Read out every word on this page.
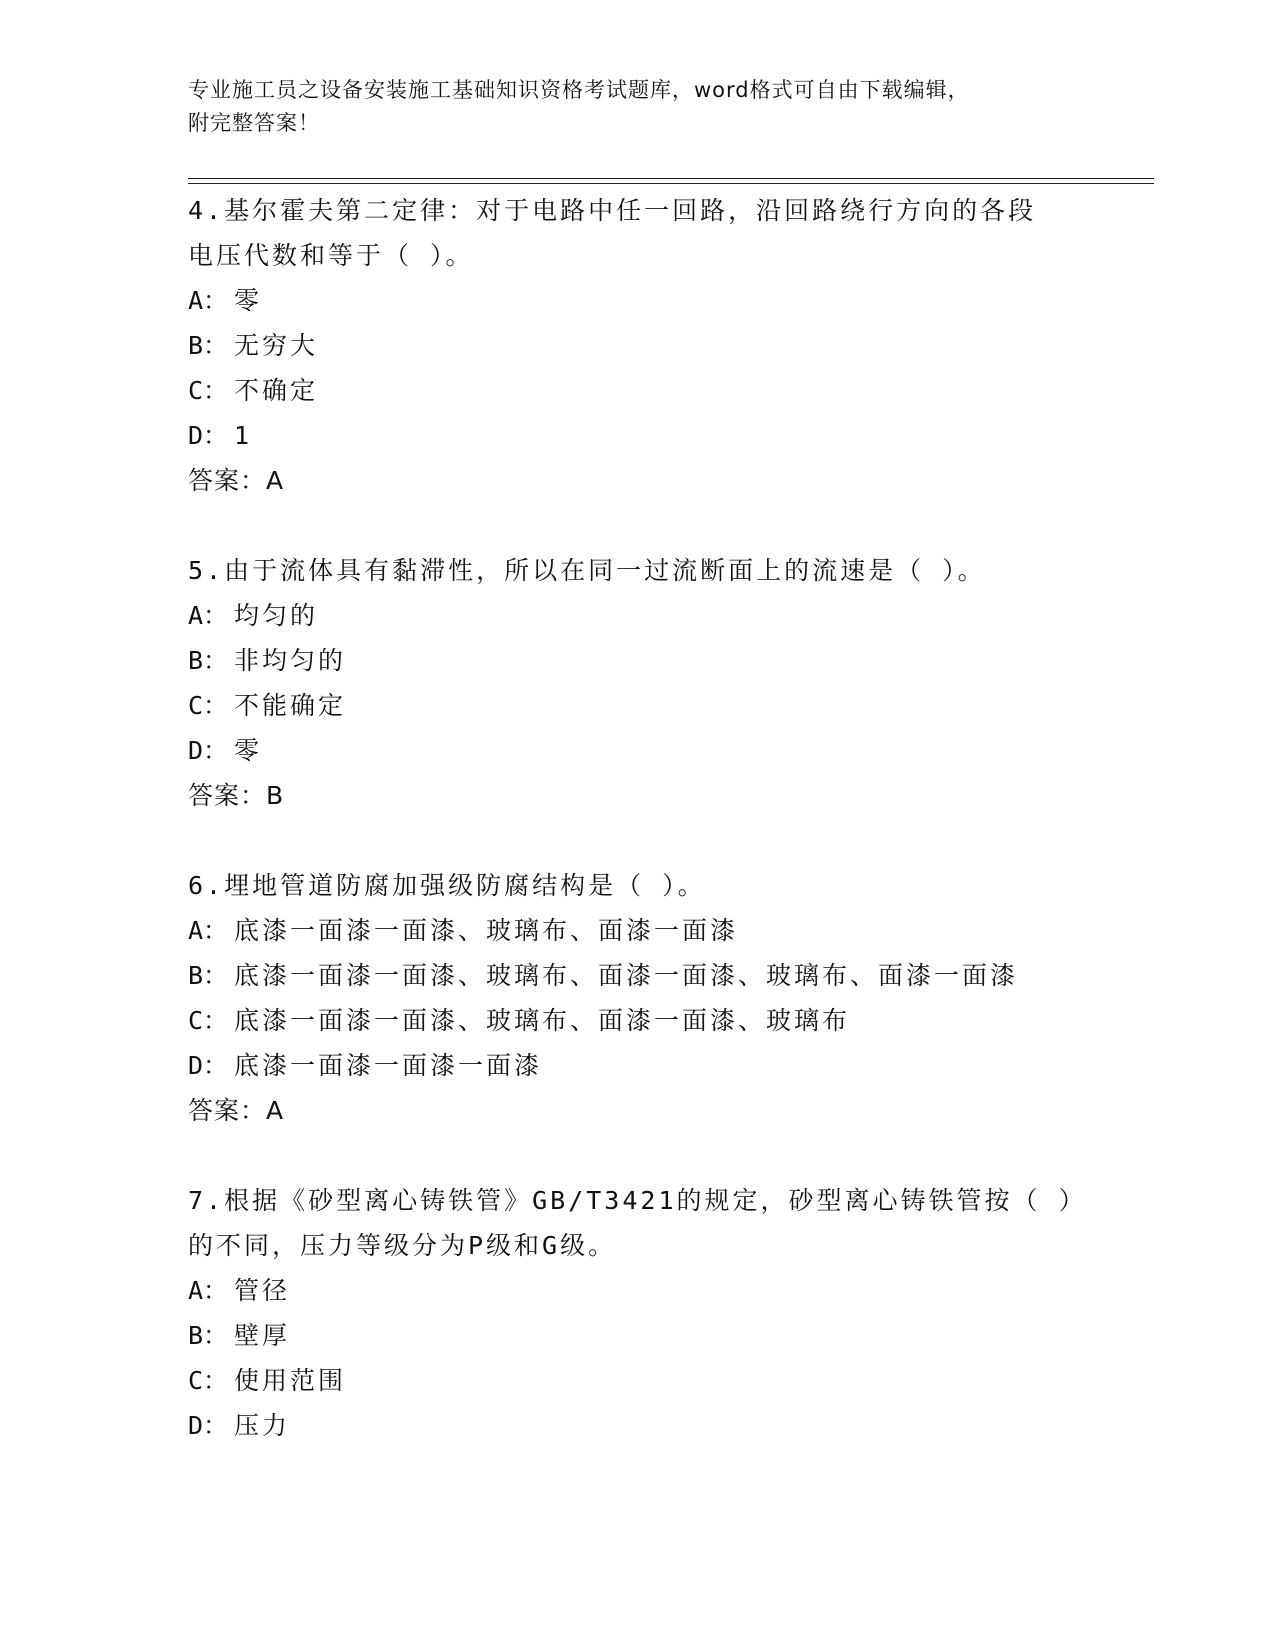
专业施工员之设备安装施工基础知识资格考试题库，word格式可自由下载编辑，
附完整答案！
4.基尔霍夫第二定律：对于电路中任一回路，沿回路绕行方向的各段
电压代数和等于（ ）。
A： 零
B： 无穷大
C： 不确定
D： 1
答案：A
5.由于流体具有黏滞性，所以在同一过流断面上的流速是（ ）。
A： 均匀的
B： 非均匀的
C： 不能确定
D： 零
答案：B
6.埋地管道防腐加强级防腐结构是（ ）。
A： 底漆一面漆一面漆、玻璃布、面漆一面漆
B： 底漆一面漆一面漆、玻璃布、面漆一面漆、玻璃布、面漆一面漆
C： 底漆一面漆一面漆、玻璃布、面漆一面漆、玻璃布
D： 底漆一面漆一面漆一面漆
答案：A
7.根据《砂型离心铸铁管》GB/T3421的规定，砂型离心铸铁管按（ ）
的不同，压力等级分为P级和G级。
A： 管径
B： 壁厚
C： 使用范围
D： 压力
